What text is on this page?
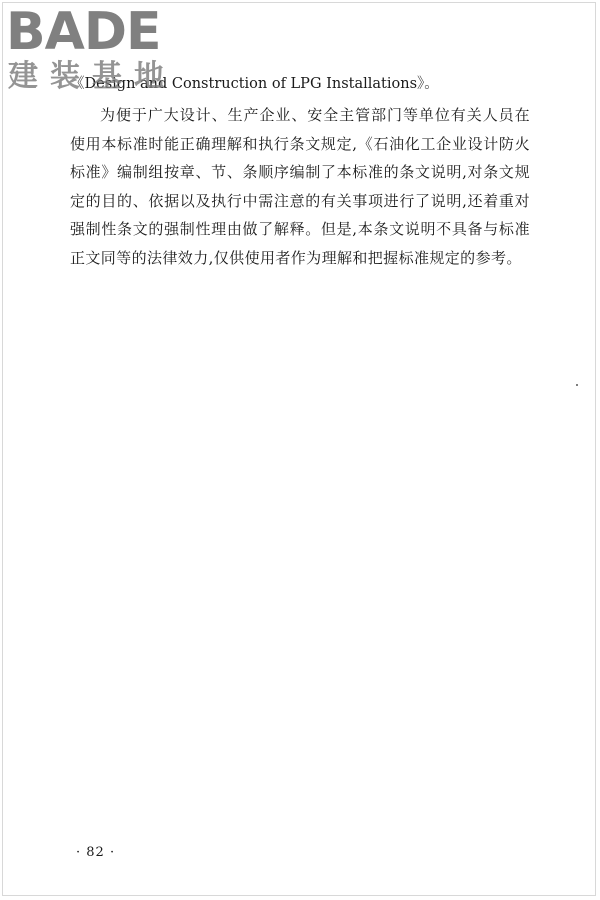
BADE
建装基地
《Design and Construction of LPG Installations》。

为便于广大设计、生产企业、安全主管部门等单位有关人员在使用本标准时能正确理解和执行条文规定,《石油化工企业设计防火标准》编制组按章、节、条顺序编制了本标准的条文说明,对条文规定的目的、依据以及执行中需注意的有关事项进行了说明,还着重对强制性条文的强制性理由做了解释。但是,本条文说明不具备与标准正文同等的法律效力,仅供使用者作为理解和把握标准规定的参考。

· 82 ·
